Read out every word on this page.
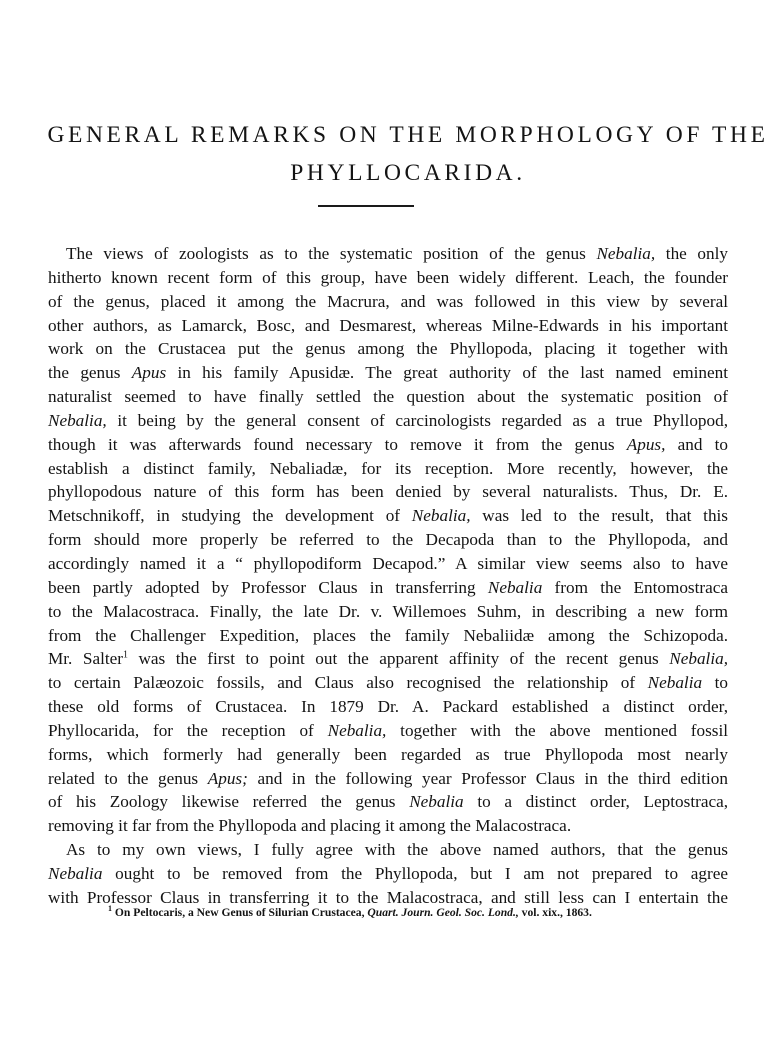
GENERAL REMARKS ON THE MORPHOLOGY OF THE
PHYLLOCARIDA.
The views of zoologists as to the systematic position of the genus Nebalia, the only
hitherto known recent form of this group, have been widely different. Leach, the founder
of the genus, placed it among the Macrura, and was followed in this view by several
other authors, as Lamarck, Bosc, and Desmarest, whereas Milne-Edwards in his important
work on the Crustacea put the genus among the Phyllopoda, placing it together with
the genus Apus in his family Apusidæ. The great authority of the last named eminent
naturalist seemed to have finally settled the question about the systematic position of
Nebalia, it being by the general consent of carcinologists regarded as a true Phyllopod,
though it was afterwards found necessary to remove it from the genus Apus, and to
establish a distinct family, Nebaliadæ, for its reception. More recently, however, the
phyllopodous nature of this form has been denied by several naturalists. Thus, Dr. E.
Metschnikoff, in studying the development of Nebalia, was led to the result, that this
form should more properly be referred to the Decapoda than to the Phyllopoda, and
accordingly named it a “ phyllopodiform Decapod.” A similar view seems also to have
been partly adopted by Professor Claus in transferring Nebalia from the Entomostraca
to the Malacostraca. Finally, the late Dr. v. Willemoes Suhm, in describing a new form
from the Challenger Expedition, places the family Nebaliidæ among the Schizopoda.
Mr. Salter$^1$ was the first to point out the apparent affinity of the recent genus Nebalia,
to certain Palæozoic fossils, and Claus also recognised the relationship of Nebalia to
these old forms of Crustacea. In 1879 Dr. A. Packard established a distinct order,
Phyllocarida, for the reception of Nebalia, together with the above mentioned fossil
forms, which formerly had generally been regarded as true Phyllopoda most nearly
related to the genus Apus; and in the following year Professor Claus in the third edition
of his Zoology likewise referred the genus Nebalia to a distinct order, Leptostraca,
removing it far from the Phyllopoda and placing it among the Malacostraca.
As to my own views, I fully agree with the above named authors, that the genus
Nebalia ought to be removed from the Phyllopoda, but I am not prepared to agree
with Professor Claus in transferring it to the Malacostraca, and still less can I entertain the
$^1$ On Peltocaris, a New Genus of Silurian Crustacea, Quart. Journ. Geol. Soc. Lond., vol. xix., 1863.
